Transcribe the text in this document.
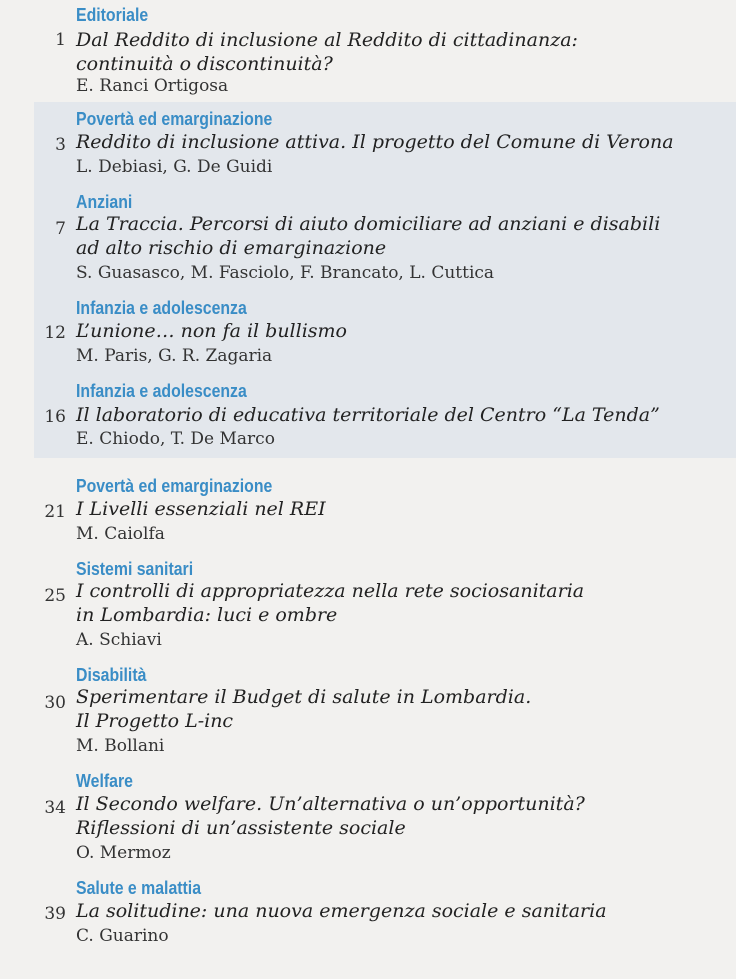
Editoriale
1 Dal Reddito di inclusione al Reddito di cittadinanza:
continuità o discontinuità?
E. Ranci Ortigosa
Povertà ed emarginazione
3 Reddito di inclusione attiva. Il progetto del Comune di Verona
L. Debiasi, G. De Guidi
Anziani
7 La Traccia. Percorsi di aiuto domiciliare ad anziani e disabili
ad alto rischio di emarginazione
S. Guasasco, M. Fasciolo, F. Brancato, L. Cuttica
Infanzia e adolescenza
12 L’unione… non fa il bullismo
M. Paris, G. R. Zagaria
Infanzia e adolescenza
16 Il laboratorio di educativa territoriale del Centro “La Tenda”
E. Chiodo, T. De Marco
Povertà ed emarginazione
21 I Livelli essenziali nel REI
M. Caiolfa
Sistemi sanitari
25 I controlli di appropriatezza nella rete sociosanitaria
in Lombardia: luci e ombre
A. Schiavi
Disabilità
30 Sperimentare il Budget di salute in Lombardia.
Il Progetto L-inc
M. Bollani
Welfare
34 Il Secondo welfare. Un’alternativa o un’opportunità?
Riflessioni di un’assistente sociale
O. Mermoz
Salute e malattia
39 La solitudine: una nuova emergenza sociale e sanitaria
C. Guarino
